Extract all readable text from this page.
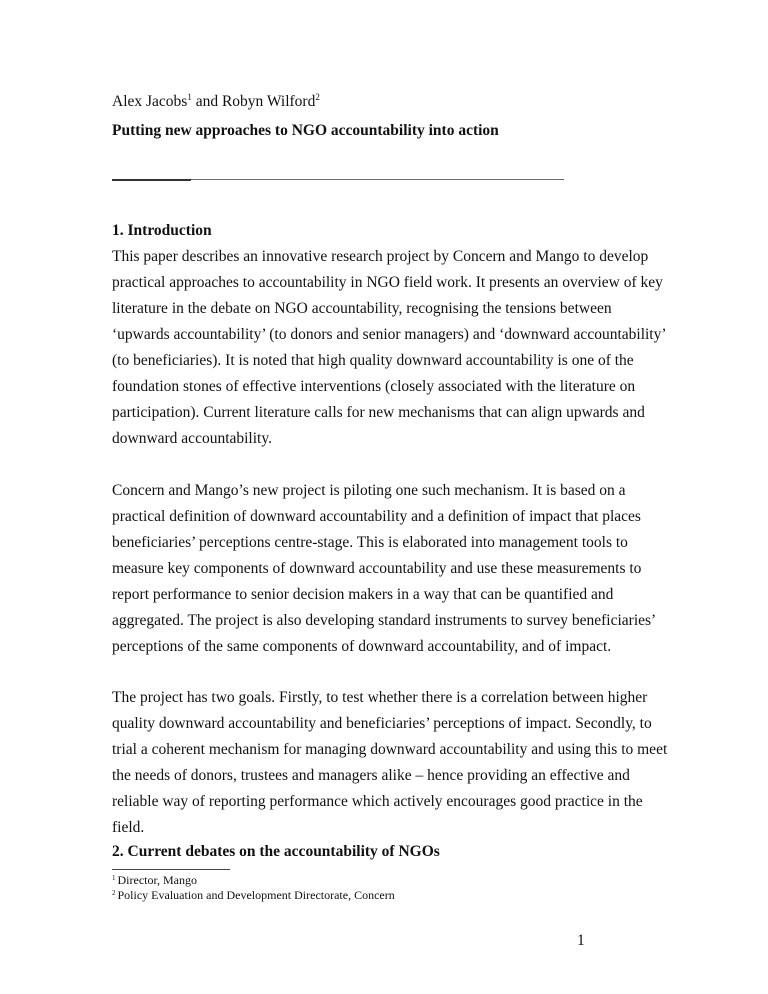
Alex Jacobs$^1$ and Robyn Wilford$^2$
Putting new approaches to NGO accountability into action
1. Introduction
This paper describes an innovative research project by Concern and Mango to develop
practical approaches to accountability in NGO field work. It presents an overview of key
literature in the debate on NGO accountability, recognising the tensions between
‘upwards accountability’ (to donors and senior managers) and ‘downward accountability’
(to beneficiaries). It is noted that high quality downward accountability is one of the
foundation stones of effective interventions (closely associated with the literature on
participation). Current literature calls for new mechanisms that can align upwards and
downward accountability.
Concern and Mango’s new project is piloting one such mechanism. It is based on a
practical definition of downward accountability and a definition of impact that places
beneficiaries’ perceptions centre-stage. This is elaborated into management tools to
measure key components of downward accountability and use these measurements to
report performance to senior decision makers in a way that can be quantified and
aggregated. The project is also developing standard instruments to survey beneficiaries’
perceptions of the same components of downward accountability, and of impact.
The project has two goals. Firstly, to test whether there is a correlation between higher
quality downward accountability and beneficiaries’ perceptions of impact. Secondly, to
trial a coherent mechanism for managing downward accountability and using this to meet
the needs of donors, trustees and managers alike – hence providing an effective and
reliable way of reporting performance which actively encourages good practice in the
field.
2. Current debates on the accountability of NGOs
$^1$ Director, Mango
$^2$ Policy Evaluation and Development Directorate, Concern
1
